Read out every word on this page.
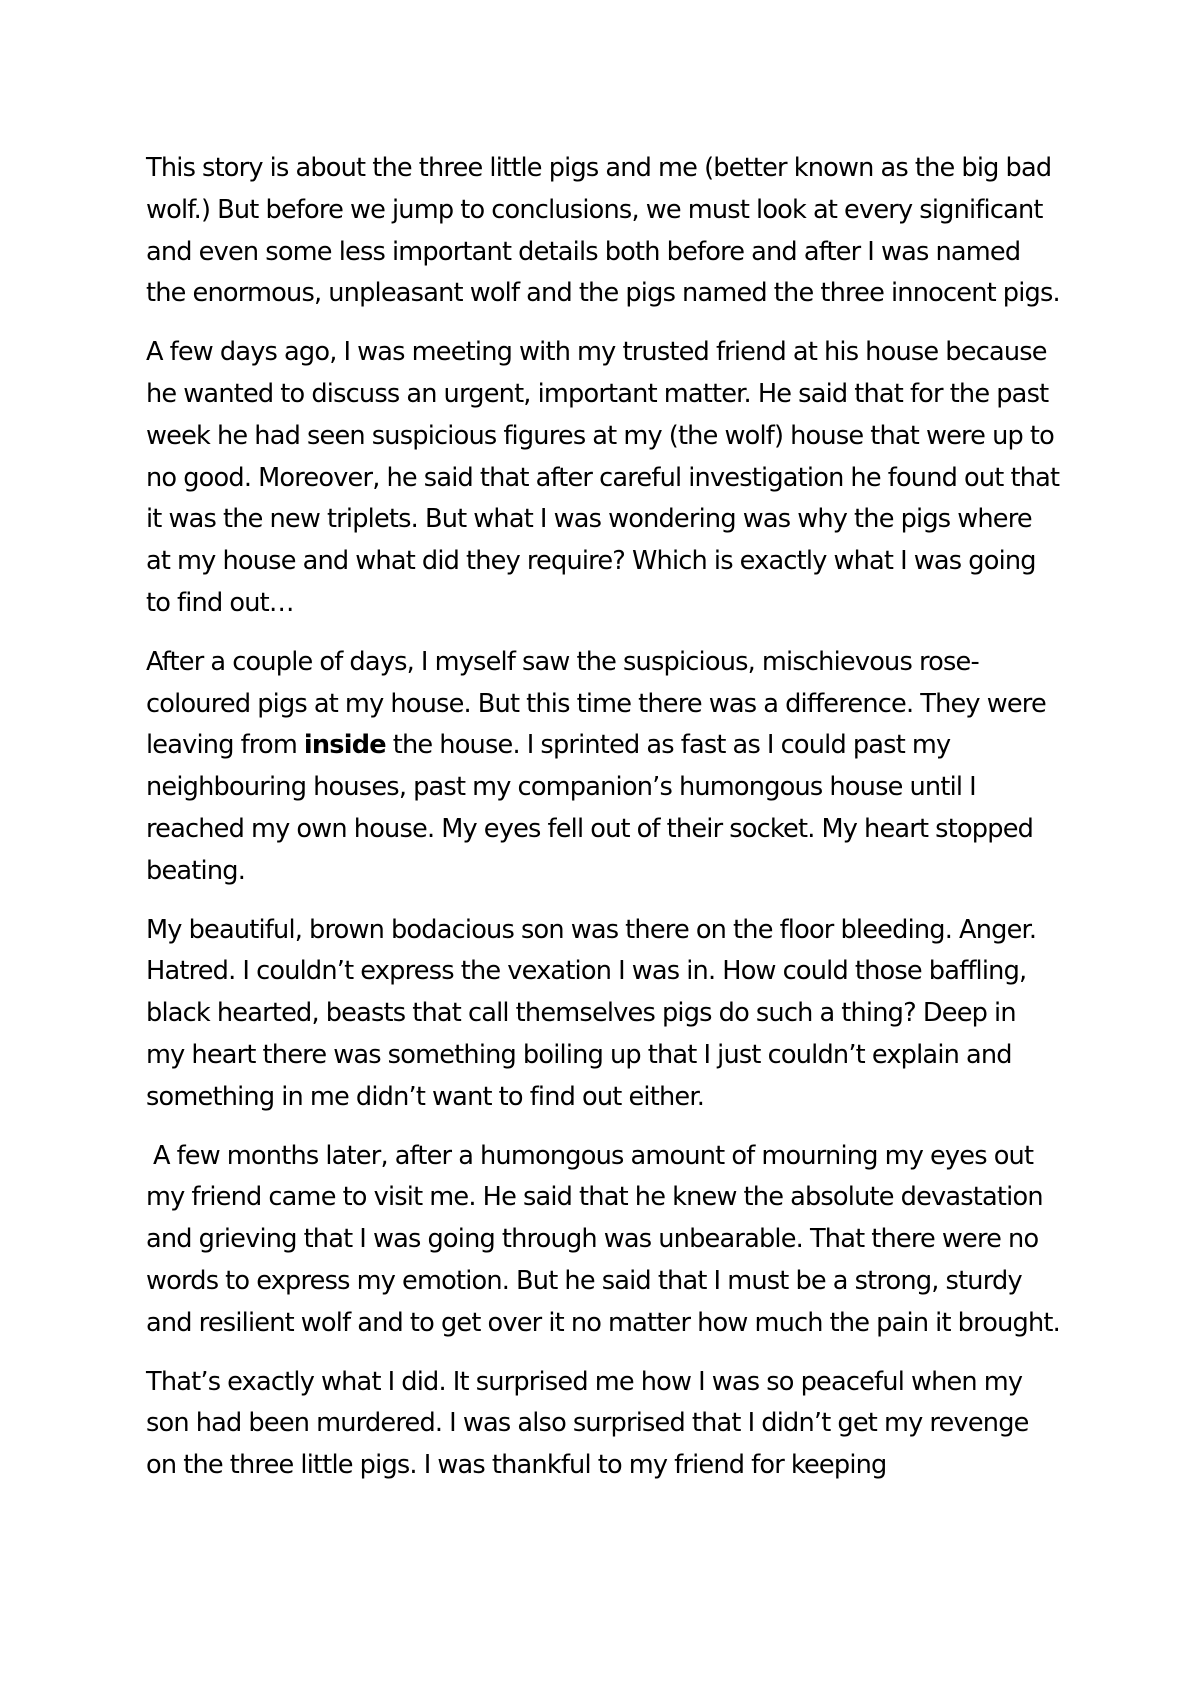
This story is about the three little pigs and me (better known as the big bad wolf.) But before we jump to conclusions, we must look at every significant and even some less important details both before and after I was named the enormous, unpleasant wolf and the pigs named the three innocent pigs.

A few days ago, I was meeting with my trusted friend at his house because he wanted to discuss an urgent, important matter. He said that for the past week he had seen suspicious figures at my (the wolf) house that were up to no good. Moreover, he said that after careful investigation he found out that it was the new triplets. But what I was wondering was why the pigs where at my house and what did they require? Which is exactly what I was going to find out…

After a couple of days, I myself saw the suspicious, mischievous rose-coloured pigs at my house. But this time there was a difference. They were leaving from inside the house. I sprinted as fast as I could past my neighbouring houses, past my companion’s humongous house until I reached my own house. My eyes fell out of their socket. My heart stopped beating.

My beautiful, brown bodacious son was there on the floor bleeding. Anger. Hatred. I couldn’t express the vexation I was in. How could those baffling, black hearted, beasts that call themselves pigs do such a thing? Deep in my heart there was something boiling up that I just couldn’t explain and something in me didn’t want to find out either.

A few months later, after a humongous amount of mourning my eyes out my friend came to visit me. He said that he knew the absolute devastation and grieving that I was going through was unbearable. That there were no words to express my emotion. But he said that I must be a strong, sturdy and resilient wolf and to get over it no matter how much the pain it brought.

That’s exactly what I did. It surprised me how I was so peaceful when my son had been murdered. I was also surprised that I didn’t get my revenge on the three little pigs. I was thankful to my friend for keeping
